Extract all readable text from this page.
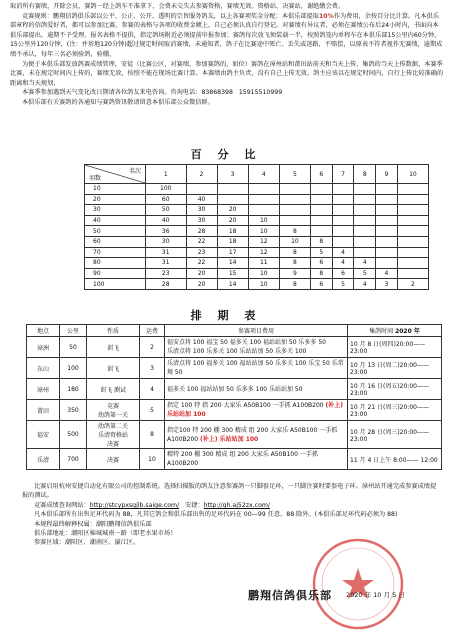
取消所有赛绩，开除会员，赛鸽一经上鸽车不准拿下，会费未交失去参赛资格，赛绩无效。资格站、决赛站，谢绝缴会费。

竞赛规则：鹏翔信鸽俱乐部以公平、公正、公开、透明的宗旨服务鸽友，以上各赛项奖金分配：本俱乐部提取10%作为费用，余按百分比计算。凡本俱乐部章程的信鸽爱好者，都可以参加比赛。参赛的表格与各项的收费金额上，自己必须认真自行登记。对赛绩有异议者，必须在赛绩公布后24小时内，书面向本俱乐部提出，逾期不予受理。报名表格不提供，指定鸽场附近必须提前申报参加；赛鸽每次放飞须装载一半，按照鸽笼内单程车在本俱乐部15公里内60分钟，15公里外120分钟，(注：并基地120分钟)超过规定时间取消赛绩，未通知者，鸽子在比赛途中死亡、丢失或迷路，不赔偿，以原表不符者视作无赛绩，逾期成绩不承认，每年三名必须验鸽，验棚，

为便于本俱乐部发放鸽赛成绩管理，安徒（比赛公区，对赛绩，参加赛鸽的，如位）赛鸽在漳州站和莆田站前天和当天上传，集鸽的当天上传数据，本赛季比赛，未在规定时间内上传的，赛绩无效，按照不能在现场比赛计算。本赛绩由鸽主负责，没有自己上传无效，鸽主应该以在规定时间内，自行上传比较准确的距离和当天规划，

本赛季参加遇到天气变化改日期请各位鸽友来电咨询。咨询电话：83868398 15915510999

本俱乐部有关赛鸽的各通知与赛鸽资讯敬请留意本俱乐部公众微信群。

百 分 比
羽数
名次	1	2	3	4	5	6	7	8	9	10
10	100									
20	60	40								
30	50	30	20							
40	40	30	20	10						
50	36	28	18	10	8					
60	30	22	18	12	10	8				
70	31	23	17	12	8	5	4			
80	31	22	14	11	8	6	4	4		
90	23	20	15	10	9	8	6	5	4	
100	28	20	14	10	8	6	5	4	3	2
排 期 表
地点	公里	性质	运费	参赛项目费用	集鸽时间 2020 年
漳洲	50	训飞	2	福安点将 100 福宝 50 福多关 100 福站站加 50 乐多多 50
乐清点将 100 乐多关 100 乐站站加 50 乐多关 100	10 月 8 日(周四)20:00——23:00
东山	100	训飞	3	乐清点将 100 福多关 100 福站站加 50 乐多关 100 乐宝 50 乐常规 50	10 月 13 日(周二)20:00——23:00
漳州	180	训飞 测试	4	福多关 100 福站站加 50 乐多多 100 乐站站加 50	10 月 16 日(周五)20:00——23:00
莆田	350	竞赛
幼鸽第一关	5	指定 100 特 指 200 大家乐 A50B100 一手抓 A100B200 (补上) 乐站站加 100	10 月 21 日(周三)20:00——23:00
福安	500	幼鸽第二关
乐清资格站
决赛	8	指定100 特 200 棚 300 精成 组 200 大家乐 A50B100 一手抓 A100B200 (补上) 乐站站加 100	10 月 28 日(周三)20:00——23:00
乐清	700	决赛	10	精特 200 棚 300 精成 组 200 大家乐 A50B100 一手抓 A100B200	11 月 4 日上午 8:00—— 12:00

比赛启用杭州安捷自动化有限公司的控制系统。选择扫描版的鸽友注意参赛鸽一只脚套足环，一只脚注赛时要套电子环。漳州站开通完成参赛成绩提报的测试。

竞赛成绩查询网站：http://stcypxsgjlb.saige.com/ 安捷：http://gh.aj52zx.com/

凡本俱乐部所有出售足环代码为 88，凡其它鸽会和俱乐部出售的足环代码在 00—99 任意。88 除外。(本俱乐部足环代码必须为 88)

本规程最终解释权属：潮阳鹏翔信鸽俱乐部

俱乐部地址：潮阳区棉城城南一路（即老水果市场）

参赛区域：潮阳区、潮南区、濠江区。

鹏翔信鸽俱乐部 2020 年 10 月 5 日
